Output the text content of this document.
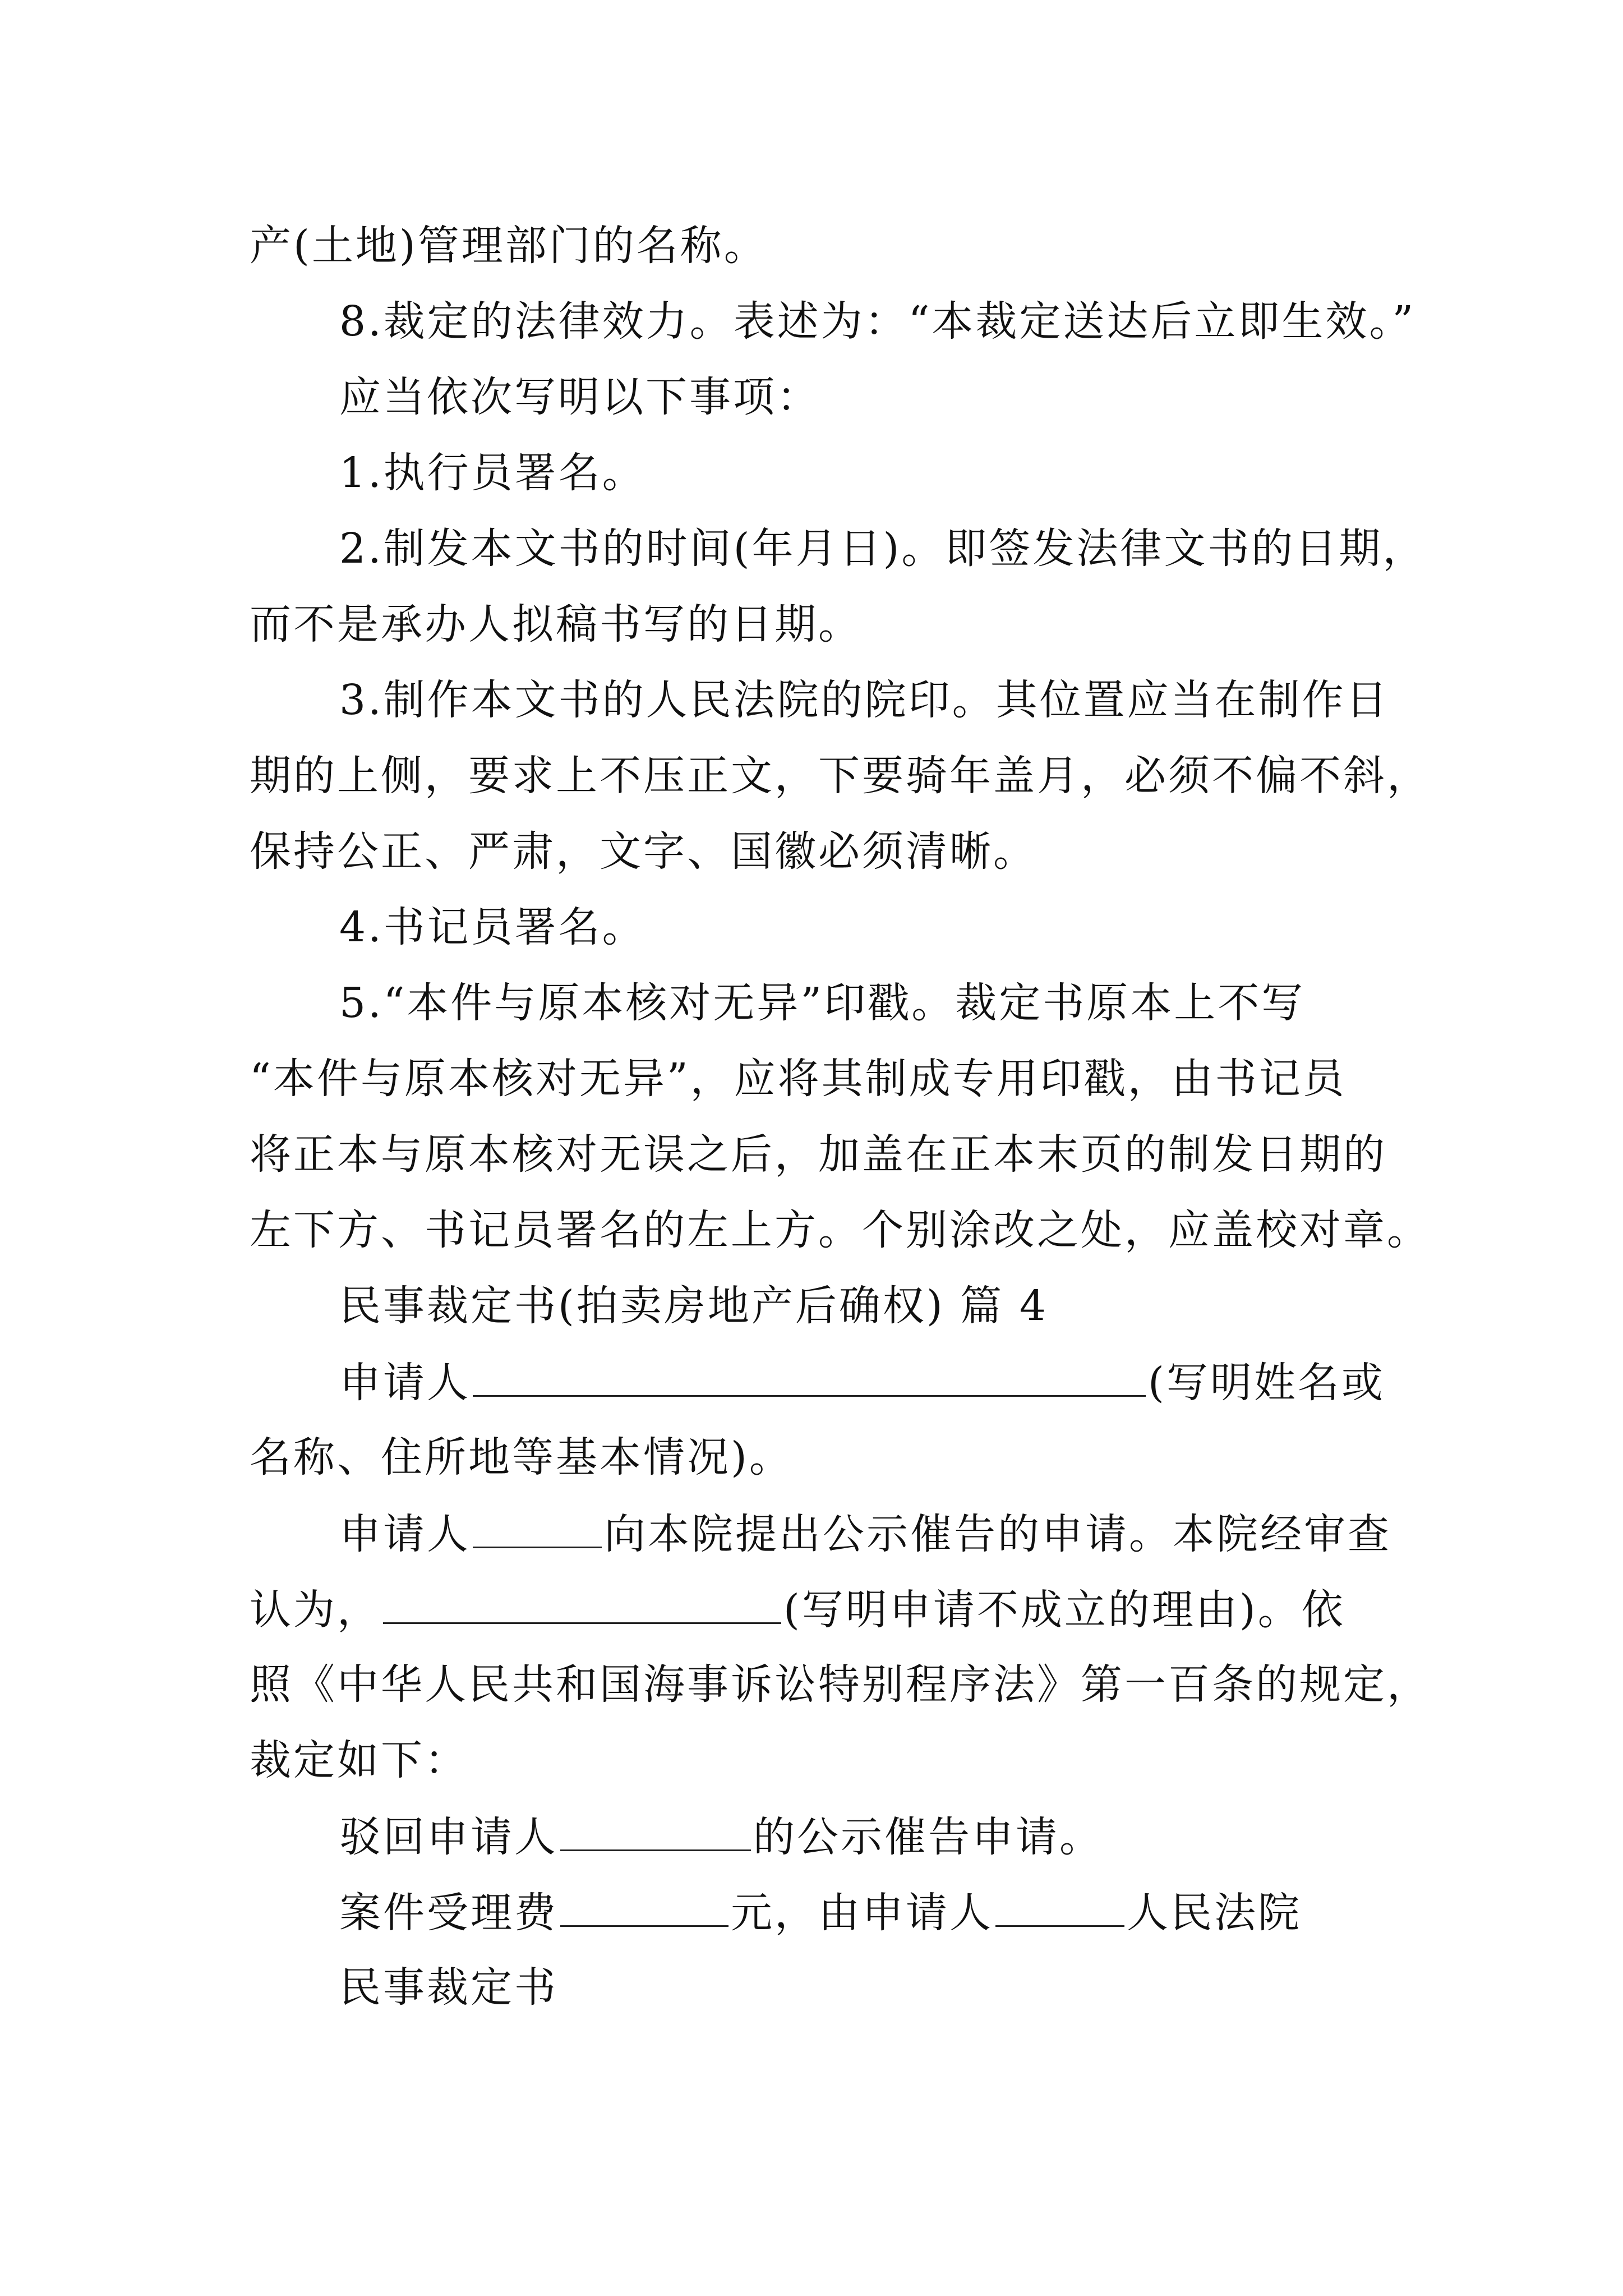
产(土地)管理部门的名称。
8.裁定的法律效力。表述为：“本裁定送达后立即生效。”
应当依次写明以下事项：
1.执行员署名。
2.制发本文书的时间(年月日)。即签发法律文书的日期，
而不是承办人拟稿书写的日期。
3.制作本文书的人民法院的院印。其位置应当在制作日
期的上侧，要求上不压正文，下要骑年盖月，必须不偏不斜，
保持公正、严肃，文字、国徽必须清晰。
4.书记员署名。
5.“本件与原本核对无异”印戳。裁定书原本上不写
“本件与原本核对无异”，应将其制成专用印戳，由书记员
将正本与原本核对无误之后，加盖在正本末页的制发日期的
左下方、书记员署名的左上方。个别涂改之处，应盖校对章。
民事裁定书(拍卖房地产后确权) 篇 4
申请人	(写明姓名或
名称、住所地等基本情况)。
申请人	向本院提出公示催告的申请。本院经审查
认为，	(写明申请不成立的理由)。依
照《中华人民共和国海事诉讼特别程序法》第一百条的规定，
裁定如下：
驳回申请人	的公示催告申请。
案件受理费	元，由申请人	人民法院
民事裁定书
